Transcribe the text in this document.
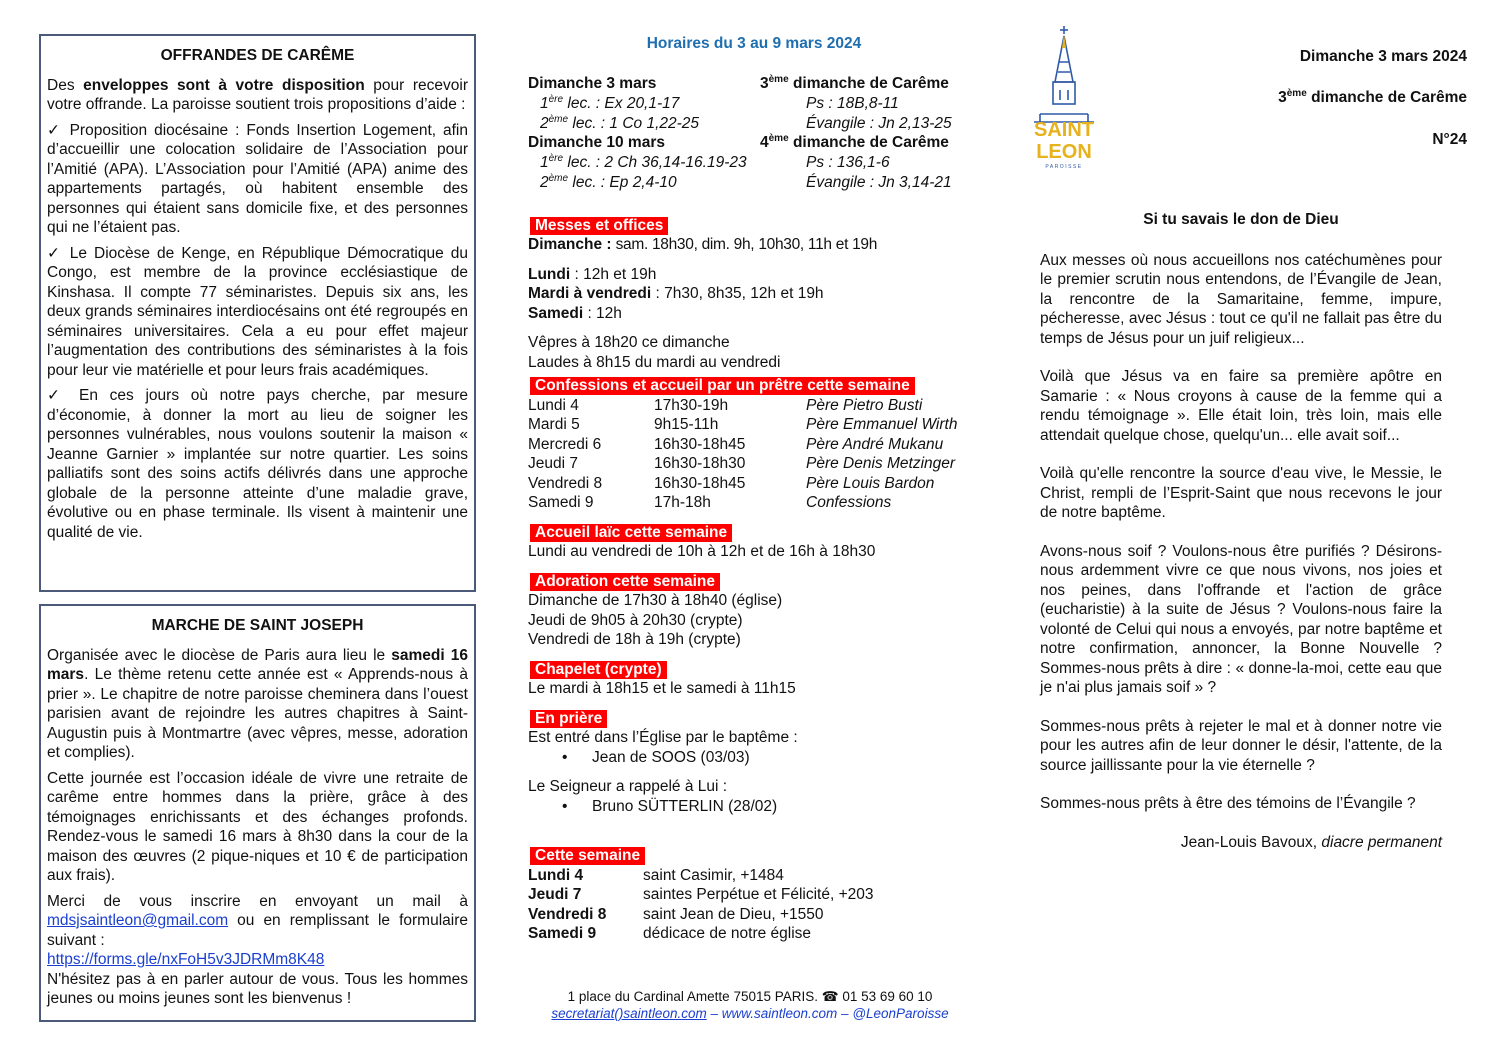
OFFRANDES DE CARÊME

Des enveloppes sont à votre disposition pour recevoir votre offrande. La paroisse soutient trois propositions d’aide :

✓ Proposition diocésaine : Fonds Insertion Logement, afin d’accueillir une colocation solidaire de l’Association pour l’Amitié (APA). L’Association pour l’Amitié (APA) anime des appartements partagés, où habitent ensemble des personnes qui étaient sans domicile fixe, et des personnes qui ne l’étaient pas.

✓ Le Diocèse de Kenge, en République Démocratique du Congo, est membre de la province ecclésiastique de Kinshasa. Il compte 77 séminaristes. Depuis six ans, les deux grands séminaires interdiocésains ont été regroupés en séminaires universitaires. Cela a eu pour effet majeur l’augmentation des contributions des séminaristes à la fois pour leur vie matérielle et pour leurs frais académiques.

✓ En ces jours où notre pays cherche, par mesure d’économie, à donner la mort au lieu de soigner les personnes vulnérables, nous voulons soutenir la maison « Jeanne Garnier » implantée sur notre quartier. Les soins palliatifs sont des soins actifs délivrés dans une approche globale de la personne atteinte d’une maladie grave, évolutive ou en phase terminale. Ils visent à maintenir une qualité de vie.

MARCHE DE SAINT JOSEPH

Organisée avec le diocèse de Paris aura lieu le samedi 16 mars. Le thème retenu cette année est « Apprends-nous à prier ». Le chapitre de notre paroisse cheminera dans l’ouest parisien avant de rejoindre les autres chapitres à Saint-Augustin puis à Montmartre (avec vêpres, messe, adoration et complies).

Cette journée est l’occasion idéale de vivre une retraite de carême entre hommes dans la prière, grâce à des témoignages enrichissants et des échanges profonds. Rendez-vous le samedi 16 mars à 8h30 dans la cour de la maison des œuvres (2 pique-niques et 10 € de participation aux frais).

Merci de vous inscrire en envoyant un mail à mdsjsaintleon@gmail.com ou en remplissant le formulaire suivant :

https://forms.gle/nxFoH5v3JDRMm8K48

N'hésitez pas à en parler autour de vous. Tous les hommes jeunes ou moins jeunes sont les bienvenus !

Horaires du 3 au 9 mars 2024
Dimanche 3 mars	3ème dimanche de Carême
1ère lec. : Ex 20,1-17	Ps : 18B,8-11
2ème lec. : 1 Co 1,22-25	Évangile : Jn 2,13-25
Dimanche 10 mars	4ème dimanche de Carême
1ère lec. : 2 Ch 36,14-16.19-23	Ps : 136,1-6
2ème lec. : Ep 2,4-10	Évangile : Jn 3,14-21
Messes et offices
Dimanche : sam. 18h30, dim. 9h, 10h30, 11h et 19h
Lundi : 12h et 19h
Mardi à vendredi : 7h30, 8h35, 12h et 19h
Samedi : 12h
Vêpres à 18h20 ce dimanche
Laudes à 8h15 du mardi au vendredi
Confessions et accueil par un prêtre cette semaine
Lundi 4	17h30-19h	Père Pietro Busti
Mardi 5	9h15-11h	Père Emmanuel Wirth
Mercredi 6	16h30-18h45	Père André Mukanu
Jeudi 7	16h30-18h30	Père Denis Metzinger
Vendredi 8	16h30-18h45	Père Louis Bardon
Samedi 9	17h-18h	Confessions
Accueil laïc cette semaine
Lundi au vendredi de 10h à 12h et de 16h à 18h30
Adoration cette semaine
Dimanche de 17h30 à 18h40 (église)
Jeudi de 9h05 à 20h30 (crypte)
Vendredi de 18h à 19h (crypte)
Chapelet (crypte)
Le mardi à 18h15 et le samedi à 11h15
En prière
Est entré dans l’Église par le baptême :
• Jean de SOOS (03/03)
Le Seigneur a rappelé à Lui :
• Bruno SÜTTERLIN (28/02)
Cette semaine
Lundi 4	saint Casimir, +1484
Jeudi 7	saintes Perpétue et Félicité, +203
Vendredi 8 saint Jean de Dieu, +1550
Samedi 9	dédicace de notre église
1 place du Cardinal Amette 75015 PARIS. ☎ 01 53 69 60 10
secretariat()saintleon.com – www.saintleon.com – @LeonParoisse
SAINT
LEON
PAROISSE
Dimanche 3 mars 2024
3ème dimanche de Carême
N°24
Si tu savais le don de Dieu

Aux messes où nous accueillons nos catéchumènes pour le premier scrutin nous entendons, de l’Évangile de Jean, la rencontre de la Samaritaine, femme, impure, pécheresse, avec Jésus : tout ce qu'il ne fallait pas être du temps de Jésus pour un juif religieux...

Voilà que Jésus va en faire sa première apôtre en Samarie : « Nous croyons à cause de la femme qui a rendu témoignage ». Elle était loin, très loin, mais elle attendait quelque chose, quelqu'un... elle avait soif...

Voilà qu'elle rencontre la source d'eau vive, le Messie, le Christ, rempli de l’Esprit-Saint que nous recevons le jour de notre baptême.

Avons-nous soif ? Voulons-nous être purifiés ? Désirons-nous ardemment vivre ce que nous vivons, nos joies et nos peines, dans l'offrande et l'action de grâce (eucharistie) à la suite de Jésus ? Voulons-nous faire la volonté de Celui qui nous a envoyés, par notre baptême et notre confirmation, annoncer, la Bonne Nouvelle ? Sommes-nous prêts à dire : « donne-la-moi, cette eau que je n'ai plus jamais soif » ?

Sommes-nous prêts à rejeter le mal et à donner notre vie pour les autres afin de leur donner le désir, l'attente, de la source jaillissante pour la vie éternelle ?

Sommes-nous prêts à être des témoins de l’Évangile ?

Jean-Louis Bavoux, diacre permanent
